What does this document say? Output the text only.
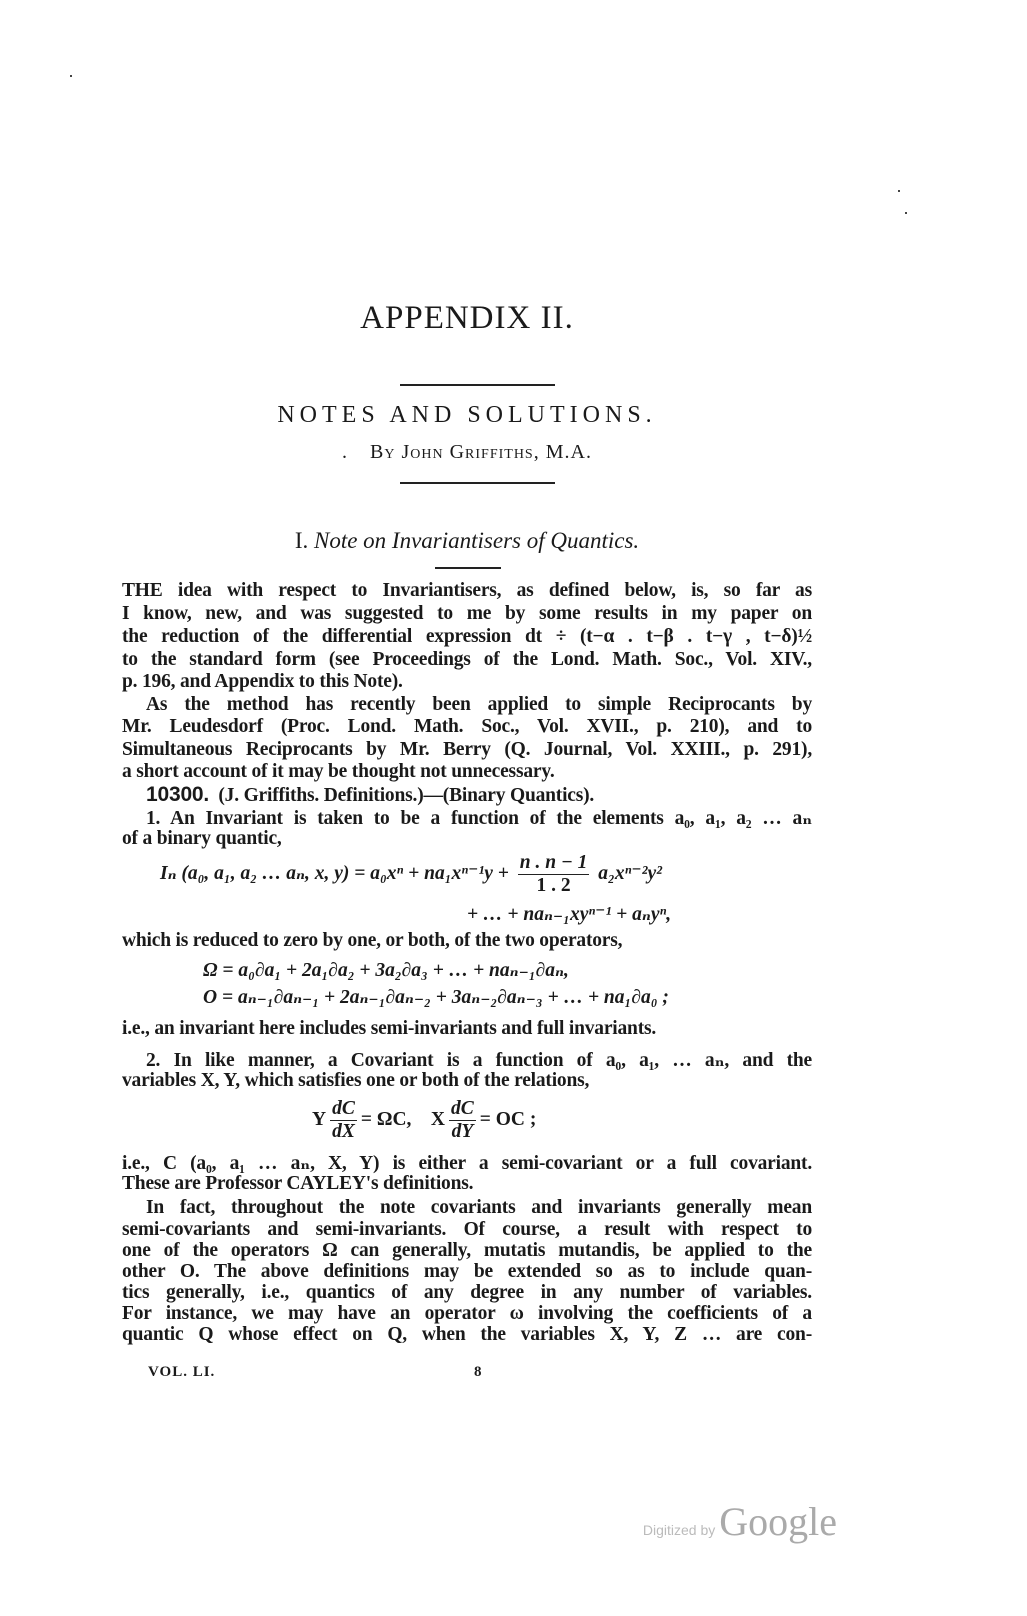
APPENDIX II.
NOTES AND SOLUTIONS.
. By John Griffiths, M.A.
I. Note on Invariantisers of Quantics.
THE idea with respect to Invariantisers, as defined below, is, so far as
I know, new, and was suggested to me by some results in my paper on
the reduction of the differential expression dt ÷ (t−α . t−β . t−γ , t−δ)½
to the standard form (see Proceedings of the Lond. Math. Soc., Vol. XIV.,
p. 196, and Appendix to this Note).
As the method has recently been applied to simple Reciprocants by
Mr. Leudesdorf (Proc. Lond. Math. Soc., Vol. XVII., p. 210), and to
Simultaneous Reciprocants by Mr. Berry (Q. Journal, Vol. XXIII., p. 291),
a short account of it may be thought not unnecessary.
10300. (J. Griffiths. Definitions.)—(Binary Quantics).
1. An Invariant is taken to be a function of the elements a₀, a₁, a₂ … aₙ
of a binary quantic,
Iₙ (a₀, a₁, a₂ … aₙ, x, $y) = a_0x^n + na_1x^{n-1}y + \frac{n . n - 1}{1 . 2} a_2x^{n-2}y^2$
+ … + naₙ₋₁xyⁿ⁻¹ + aₙyⁿ,
which is reduced to zero by one, or both, of the two operators,
Ω = a₀∂a₁ + 2a₁∂a₂ + 3a₂∂a₃ + … + naₙ₋₁∂aₙ,
O = aₙ₋₁∂aₙ₋₁ + 2aₙ₋₁∂aₙ₋₂ + 3aₙ₋₂∂aₙ₋₃ + … + na₁∂a₀ ;
i.e., an invariant here includes semi-invariants and full invariants.
2. In like manner, a Covariant is a function of a₀, a₁, … aₙ, and the
variables X, Y, which satisfies one or both of the relations,
Y $\frac{dC}{dX} = \Omega C$, X $\frac{dC}{dY}$ = OC ;
i.e., C (a₀, a₁ … aₙ, X, Y) is either a semi-covariant or a full covariant.
These are Professor CAYLEY's definitions.
In fact, throughout the note covariants and invariants generally mean
semi-covariants and semi-invariants. Of course, a result with respect to
one of the operators Ω can generally, mutatis mutandis, be applied to the
other O. The above definitions may be extended so as to include quan-
tics generally, i.e., quantics of any degree in any number of variables.
For instance, we may have an operator ω involving the coefficients of a
quantic Q whose effect on Q, when the variables X, Y, Z … are con-
VOL. LI.	8
Digitized by Google
